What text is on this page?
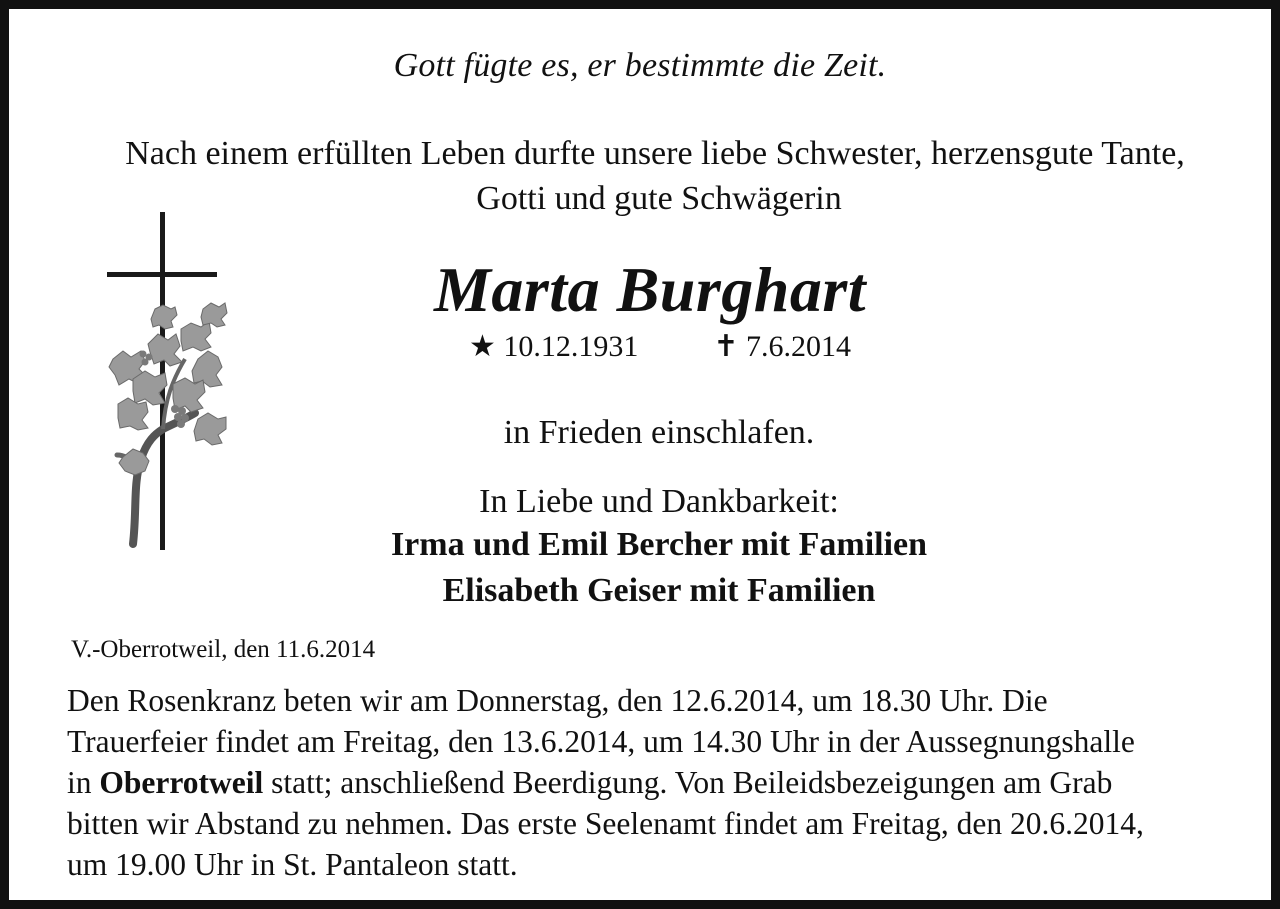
Gott fügte es, er bestimmte die Zeit.
Nach einem erfüllten Leben durfte unsere liebe Schwester, herzensgute Tante,
Gotti und gute Schwägerin
Marta Burghart
★ 10.12.1931	✝ 7.6.2014
in Frieden einschlafen.
In Liebe und Dankbarkeit:
Irma und Emil Bercher mit Familien
Elisabeth Geiser mit Familien
V.-Oberrotweil, den 11.6.2014
Den Rosenkranz beten wir am Donnerstag, den 12.6.2014, um 18.30 Uhr. Die
Trauerfeier findet am Freitag, den 13.6.2014, um 14.30 Uhr in der Aussegnungshalle
in Oberrotweil statt; anschließend Beerdigung. Von Beileidsbezeigungen am Grab
bitten wir Abstand zu nehmen. Das erste Seelenamt findet am Freitag, den 20.6.2014,
um 19.00 Uhr in St. Pantaleon statt.
